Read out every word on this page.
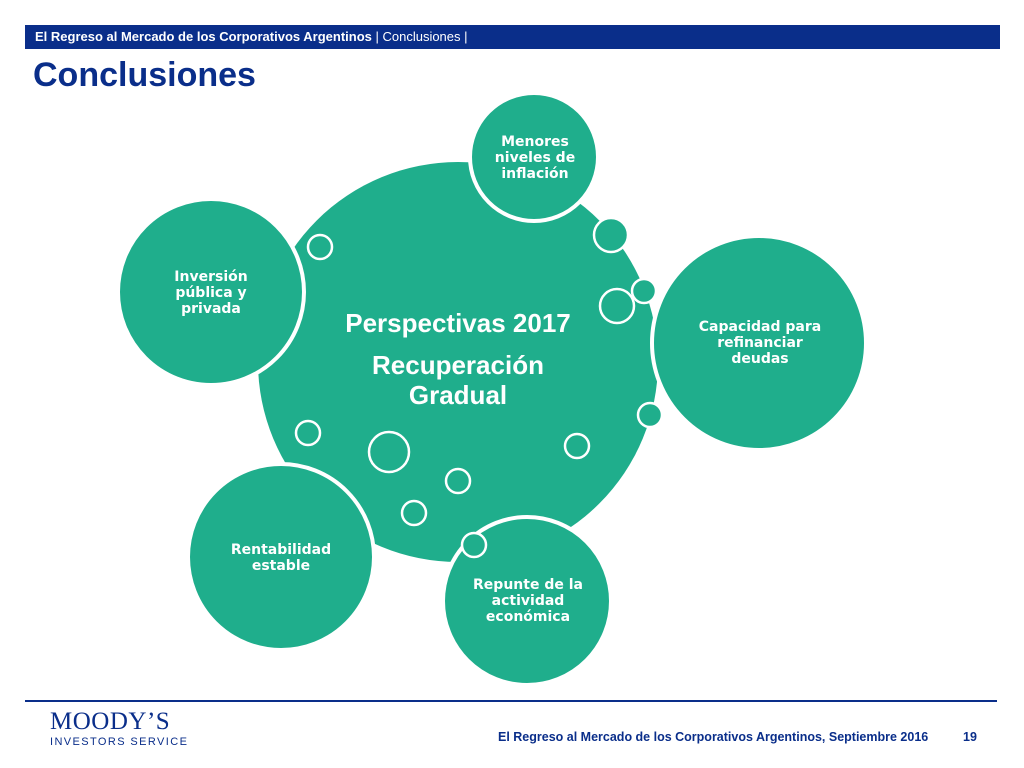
El Regreso al Mercado de los Corporativos Argentinos | Conclusiones |
Conclusiones
Perspectivas 2017
Recuperación
Gradual
Menores
niveles de
inflación
Capacidad para
refinanciar
deudas
Repunte de la
actividad
económica
Rentabilidad
estable
Inversión
pública y
privada
MOODY’S
INVESTORS SERVICE	El Regreso al Mercado de los Corporativos Argentinos, Septiembre 2016	19
